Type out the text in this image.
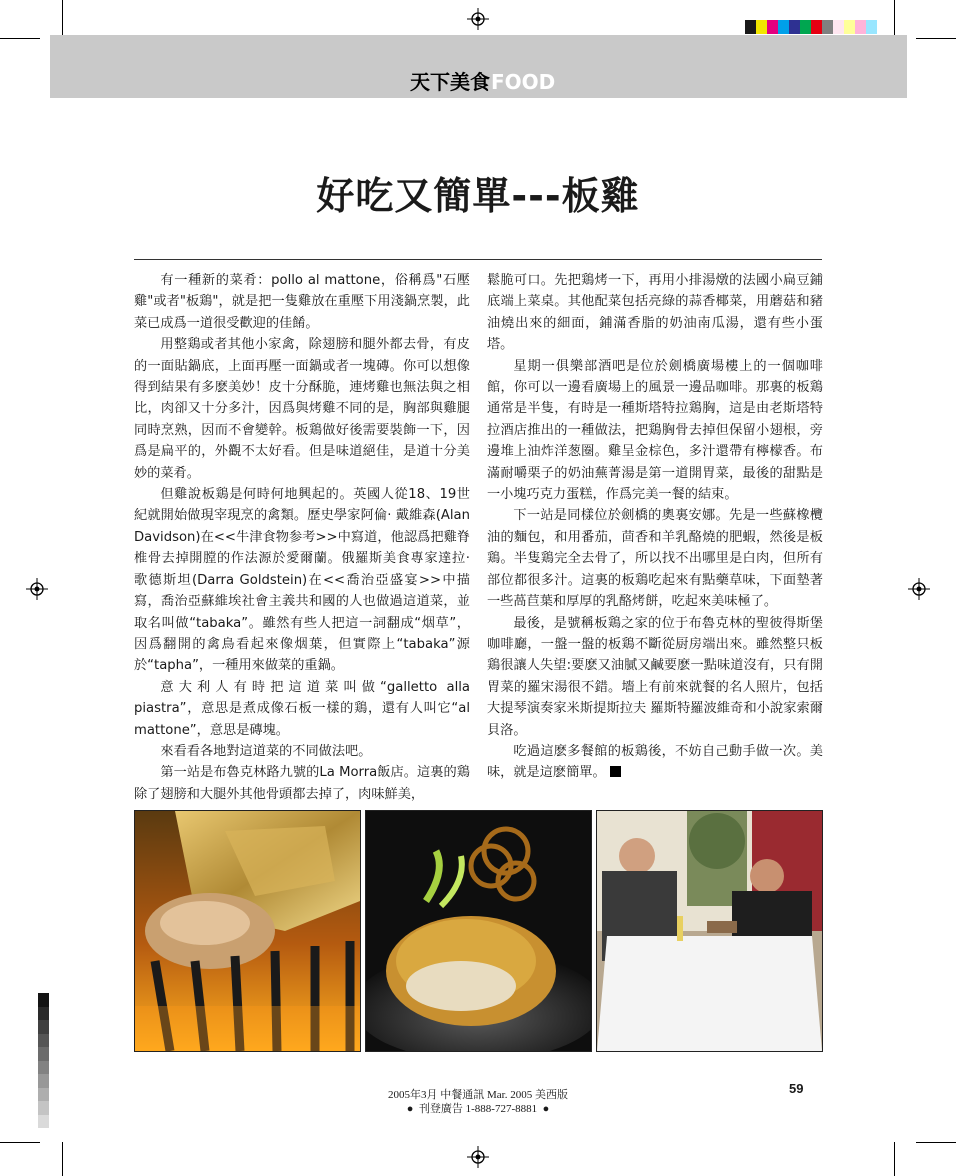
天下美食FOOD
好吃又簡單---板雞

有一種新的菜肴：pollo al mattone，俗稱爲"石壓雞"或者"板鶏"，就是把一隻雞放在重壓下用淺鍋烹製，此菜已成爲一道很受歡迎的佳餚。

用整鶏或者其他小家禽，除翅膀和腿外都去骨，有皮的一面貼鍋底，上面再壓一面鍋或者一塊磚。你可以想像得到結果有多麽美妙！皮十分酥脆，連烤雞也無法與之相比，肉卻又十分多汁，因爲與烤雞不同的是，胸部與雞腿同時烹熟，因而不會變幹。板鶏做好後需要裝飾一下，因爲是扁平的，外觀不太好看。但是味道絕佳，是道十分美妙的菜肴。

但雞說板鶏是何時何地興起的。英國人從18、19世紀就開始做現宰現烹的禽類。歷史學家阿倫· 戴維森(Alan Davidson)在<<牛津食物参考>>中寫道，他認爲把雞脊椎骨去掉開膛的作法源於愛爾蘭。俄羅斯美食專家達拉· 歌德斯坦(Darra Goldstein)在<<喬治亞盛宴>>中描寫，喬治亞蘇維埃社會主義共和國的人也做過這道菜，並取名叫做“tabaka”。雖然有些人把這一詞翻成“烟草”，因爲翻開的禽鳥看起來像烟葉，但實際上“tabaka”源於“tapha”，一種用來做菜的重鍋。

意大利人有時把這道菜叫做“galletto alla piastra”，意思是煮成像石板一樣的鶏，還有人叫它“al mattone”，意思是磚塊。

來看看各地對這道菜的不同做法吧。

第一站是布魯克林路九號的La Morra飯店。這裏的鶏除了翅膀和大腿外其他骨頭都去掉了，肉味鮮美，

鬆脆可口。先把鶏烤一下，再用小排湯燉的法國小扁豆鋪底端上菜桌。其他配菜包括亮綠的蒜香椰菜，用蘑菇和豬油燒出來的細面，鋪滿香脂的奶油南瓜湯，還有些小蛋塔。

星期一俱樂部酒吧是位於劍橋廣場樓上的一個咖啡館，你可以一邊看廣場上的風景一邊品咖啡。那裏的板鶏通常是半隻，有時是一種斯塔特拉鶏胸，這是由老斯塔特拉酒店推出的一種做法，把鶏胸骨去掉但保留小翅根，旁邊堆上油炸洋葱圈。雞呈金棕色，多汁還帶有檸檬香。布滿耐嚼栗子的奶油蕪菁湯是第一道開胃菜，最後的甜點是一小塊巧克力蛋糕，作爲完美一餐的結束。

下一站是同樣位於劍橋的奧裏安娜。先是一些蘇橡欖油的麵包，和用番茄，茴香和羊乳酪燒的肥蝦，然後是板鶏。半隻鶏完全去骨了，所以找不出哪里是白肉，但所有部位都很多汁。這裏的板鶏吃起來有點藥草味，下面墊著一些萵苣葉和厚厚的乳酪烤餅，吃起來美味極了。

最後，是號稱板鶏之家的位于布魯克林的聖彼得斯堡咖啡廳，一盤一盤的板鶏不斷從厨房端出來。雖然整只板鶏很讓人失望:要麽又油膩又鹹要麽一點味道沒有，只有開胃菜的羅宋湯很不錯。墻上有前來就餐的名人照片，包括大提琴演奏家米斯提斯拉夫 羅斯特羅波維奇和小說家索爾 貝洛。

吃過這麽多餐館的板鶏後，不妨自己動手做一次。美味，就是這麽簡單。

2005年3月 中餐通訊 Mar. 2005 美西版
● 刊登廣告 1-888-727-8881 ●
59
